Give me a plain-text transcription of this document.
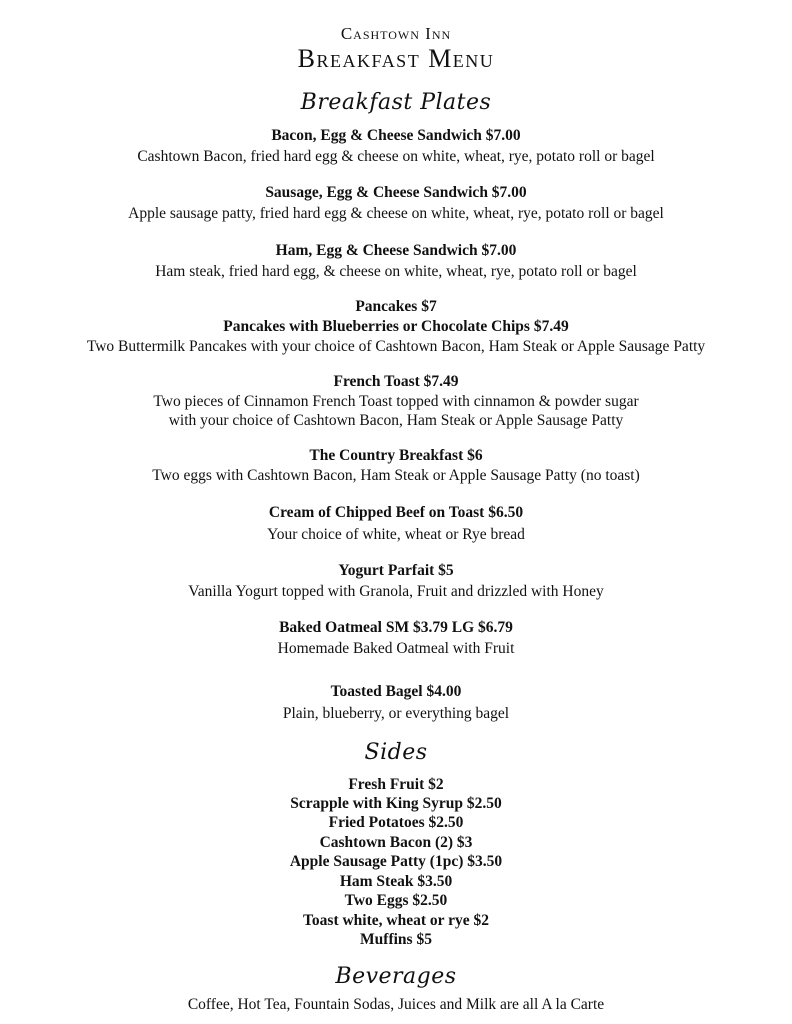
Cashtown Inn
Breakfast Menu
Breakfast Plates
Bacon, Egg & Cheese Sandwich $7.00
Cashtown Bacon, fried hard egg & cheese on white, wheat, rye, potato roll or bagel
Sausage, Egg & Cheese Sandwich $7.00
Apple sausage patty, fried hard egg & cheese on white, wheat, rye, potato roll or bagel
Ham, Egg & Cheese Sandwich $7.00
Ham steak, fried hard egg, & cheese on white, wheat, rye, potato roll or bagel
Pancakes $7
Pancakes with Blueberries or Chocolate Chips $7.49
Two Buttermilk Pancakes with your choice of Cashtown Bacon, Ham Steak or Apple Sausage Patty
French Toast $7.49
Two pieces of Cinnamon French Toast topped with cinnamon & powder sugar
with your choice of Cashtown Bacon, Ham Steak or Apple Sausage Patty
The Country Breakfast $6
Two eggs with Cashtown Bacon, Ham Steak or Apple Sausage Patty (no toast)
Cream of Chipped Beef on Toast $6.50
Your choice of white, wheat or Rye bread
Yogurt Parfait $5
Vanilla Yogurt topped with Granola, Fruit and drizzled with Honey
Baked Oatmeal SM $3.79 LG $6.79
Homemade Baked Oatmeal with Fruit
Toasted Bagel $4.00
Plain, blueberry, or everything bagel
Sides
Fresh Fruit $2
Scrapple with King Syrup $2.50
Fried Potatoes $2.50
Cashtown Bacon (2) $3
Apple Sausage Patty (1pc) $3.50
Ham Steak $3.50
Two Eggs $2.50
Toast white, wheat or rye $2
Muffins $5
Beverages
Coffee, Hot Tea, Fountain Sodas, Juices and Milk are all A la Carte
